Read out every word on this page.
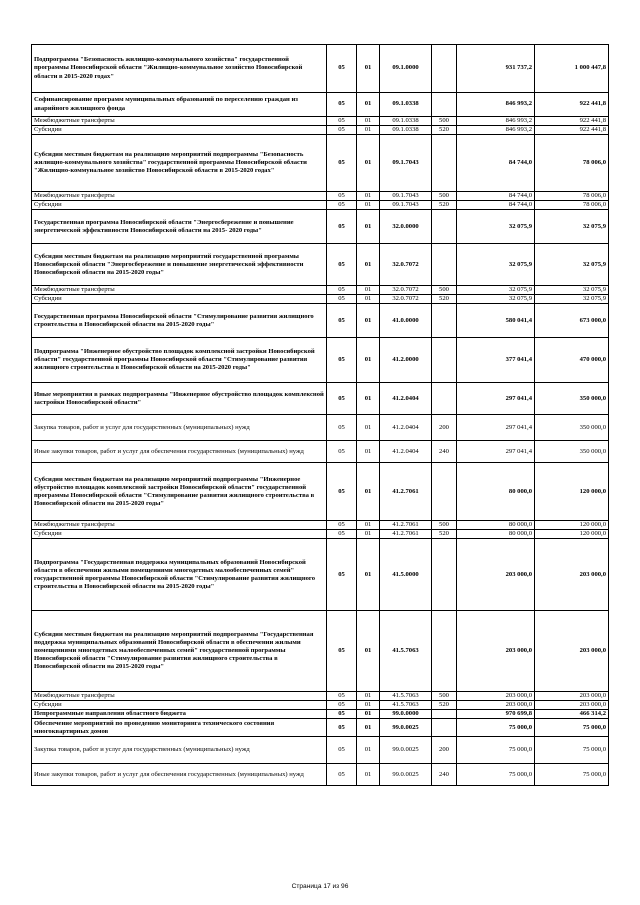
Подпрограмма "Безопасность жилищно-коммунального хозяйства" государственной программы Новосибирской области "Жилищно-коммунальное хозяйство Новосибирской области в 2015-2020 годах"	05	01	09.1.0000		931 737,2	1 000 447,8
Софинансирование программ муниципальных образований по переселению граждан из аварийного жилищного фонда	05	01	09.1.0338		846 993,2	922 441,8
Межбюджетные трансферты	05	01	09.1.0338	500	846 993,2	922 441,8
Субсидии	05	01	09.1.0338	520	846 993,2	922 441,8
Субсидии местным бюджетам на реализацию мероприятий подпрограммы "Безопасность жилищно-коммунального хозяйства" государственной программы Новосибирской области "Жилищно-коммунальное хозяйство Новосибирской области в 2015-2020 годах"	05	01	09.1.7043		84 744,0	78 006,0
Межбюджетные трансферты	05	01	09.1.7043	500	84 744,0	78 006,0
Субсидии	05	01	09.1.7043	520	84 744,0	78 006,0
Государственная программа Новосибирской области "Энергосбережение и повышение энергетической эффективности Новосибирской области на 2015- 2020 годы"	05	01	32.0.0000		32 075,9	32 075,9
Субсидии местным бюджетам на реализацию мероприятий государственной программы Новосибирской области "Энергосбережение и повышение энергетической эффективности Новосибирской области на 2015-2020 годы"	05	01	32.0.7072		32 075,9	32 075,9
Межбюджетные трансферты	05	01	32.0.7072	500	32 075,9	32 075,9
Субсидии	05	01	32.0.7072	520	32 075,9	32 075,9
Государственная программа Новосибирской области "Стимулирование развития жилищного строительства в Новосибирской области на 2015-2020 годы"	05	01	41.0.0000		580 041,4	673 000,0
Подпрограмма "Инженерное обустройство площадок комплексной застройки Новосибирской области" государственной программы Новосибирской области "Стимулирование развития жилищного строительства в Новосибирской области на 2015-2020 годы"	05	01	41.2.0000		377 041,4	470 000,0
Иные мероприятия в рамках подпрограммы "Инженерное обустройство площадок комплексной застройки Новосибирской области"	05	01	41.2.0404		297 041,4	350 000,0
Закупка товаров, работ и услуг для государственных (муниципальных) нужд	05	01	41.2.0404	200	297 041,4	350 000,0
Иные закупки товаров, работ и услуг для обеспечения государственных (муниципальных) нужд	05	01	41.2.0404	240	297 041,4	350 000,0
Субсидии местным бюджетам на реализацию мероприятий подпрограммы "Инженерное обустройство площадок комплексной застройки Новосибирской области" государственной программы Новосибирской области "Стимулирование развития жилищного строительства в Новосибирской области на 2015-2020 годы"	05	01	41.2.7061		80 000,0	120 000,0
Межбюджетные трансферты	05	01	41.2.7061	500	80 000,0	120 000,0
Субсидии	05	01	41.2.7061	520	80 000,0	120 000,0
Подпрограмма "Государственная поддержка муниципальных образований Новосибирской области в обеспечении жилыми помещениями многодетных малообеспеченных семей" государственной программы Новосибирской области "Стимулирование развития жилищного строительства в Новосибирской области на 2015-2020 годы"	05	01	41.5.0000		203 000,0	203 000,0
Субсидии местным бюджетам на реализацию мероприятий подпрограммы "Государственная поддержка муниципальных образований Новосибирской области в обеспечении жилыми помещениями многодетных малообеспеченных семей" государственной программы Новосибирской области "Стимулирование развития жилищного строительства в Новосибирской области на 2015-2020 годы"	05	01	41.5.7063		203 000,0	203 000,0
Межбюджетные трансферты	05	01	41.5.7063	500	203 000,0	203 000,0
Субсидии	05	01	41.5.7063	520	203 000,0	203 000,0
Непрограммные направления областного бюджета	05	01	99.0.0000		970 699,8	466 314,2
Обеспечение мероприятий по проведению мониторинга технического состояния многоквартирных домов	05	01	99.0.0025		75 000,0	75 000,0
Закупка товаров, работ и услуг для государственных (муниципальных) нужд	05	01	99.0.0025	200	75 000,0	75 000,0
Иные закупки товаров, работ и услуг для обеспечения государственных (муниципальных) нужд	05	01	99.0.0025	240	75 000,0	75 000,0
Страница 17 из 96
